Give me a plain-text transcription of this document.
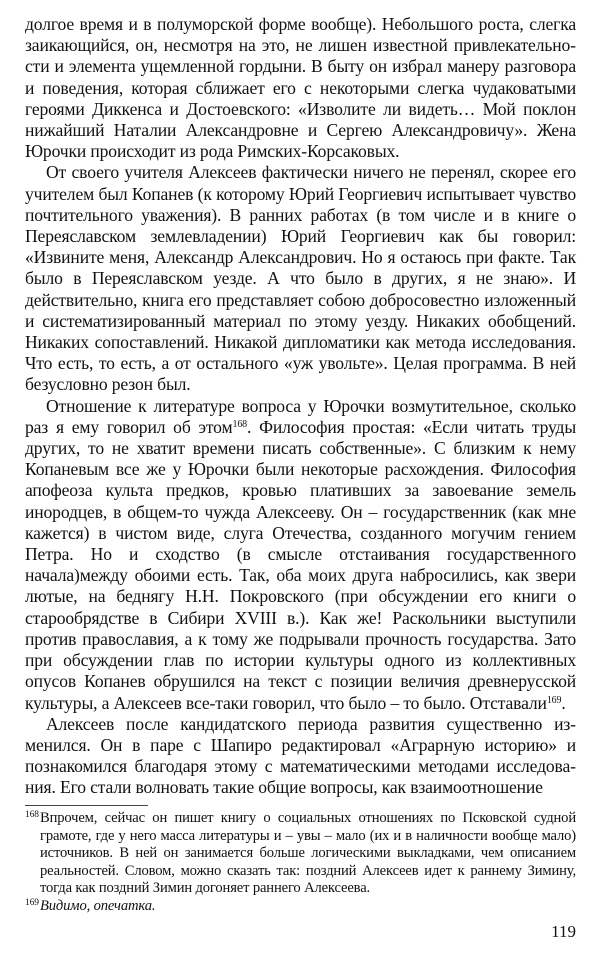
долгое время и в полуморской форме вообще). Небольшого роста, слегка заикающийся, он, несмотря на это, не лишен известной привлекательности и элемента ущемленной гордыни. В быту он избрал манеру разговора и поведения, которая сближает его с некоторыми слегка чудаковатыми героями Диккенса и Достоевского: «Изволите ли видеть… Мой поклон нижайший Наталии Александровне и Сергею Александровичу». Жена Юрочки происходит из рода Римских-Корсаковых.

От своего учителя Алексеев фактически ничего не перенял, скорее его учителем был Копанев (к которому Юрий Георгиевич испытывает чувство почтительного уважения). В ранних работах (в том числе и в книге о Переяславском землевладении) Юрий Георгиевич как бы говорил: «Извините меня, Александр Александрович. Но я остаюсь при факте. Так было в Переяславском уезде. А что было в других, я не знаю». И действительно, книга его представляет собою добросовестно изложенный и систематизированный материал по этому уезду. Никаких обобщений. Никаких сопоставлений. Никакой дипломатики как метода исследования. Что есть, то есть, а от остального «уж увольте». Целая программа. В ней безусловно резон был.

Отношение к литературе вопроса у Юрочки возмутительное, сколько раз я ему говорил об этом$^{168}$. Философия простая: «Если читать труды других, то не хватит времени писать собственные». С близким к нему Копаневым все же у Юрочки были некоторые расхождения. Философия апофеоза культа предков, кровью плативших за завоевание земель инородцев, в общем-то чужда Алексееву. Он – государственник (как мне кажется) в чистом виде, слуга Отечества, созданного могучим гением Петра. Но и сходство (в смысле отстаивания государственного начала)между обоими есть. Так, оба моих друга набросились, как звери лютые, на беднягу Н.Н. Покровского (при обсуждении его книги о старообрядстве в Сибири XVIII в.). Как же! Раскольники выступили против православия, а к тому же подрывали прочность государства. Зато при обсуждении глав по истории культуры одного из коллективных опусов Копанев обрушился на текст с позиции величия древнерусской культуры, а Алексеев все-таки говорил, что было – то было. Отставали$^{169}$.

Алексеев после кандидатского периода развития существенно изменился. Он в паре с Шапиро редактировал «Аграрную историю» и познакомился благодаря этому с математическими методами исследования. Его стали волновать такие общие вопросы, как взаимоотношение

168Впрочем, сейчас он пишет книгу о социальных отношениях по Псковской судной грамоте, где у него масса литературы и – увы – мало (их и в наличности вообще мало) источников. В ней он занимается больше логическими выкладками, чем описанием реальностей. Словом, можно сказать так: поздний Алексеев идет к раннему Зимину, тогда как поздний Зимин догоняет раннего Алексеева.

169Видимо, опечатка.

119
